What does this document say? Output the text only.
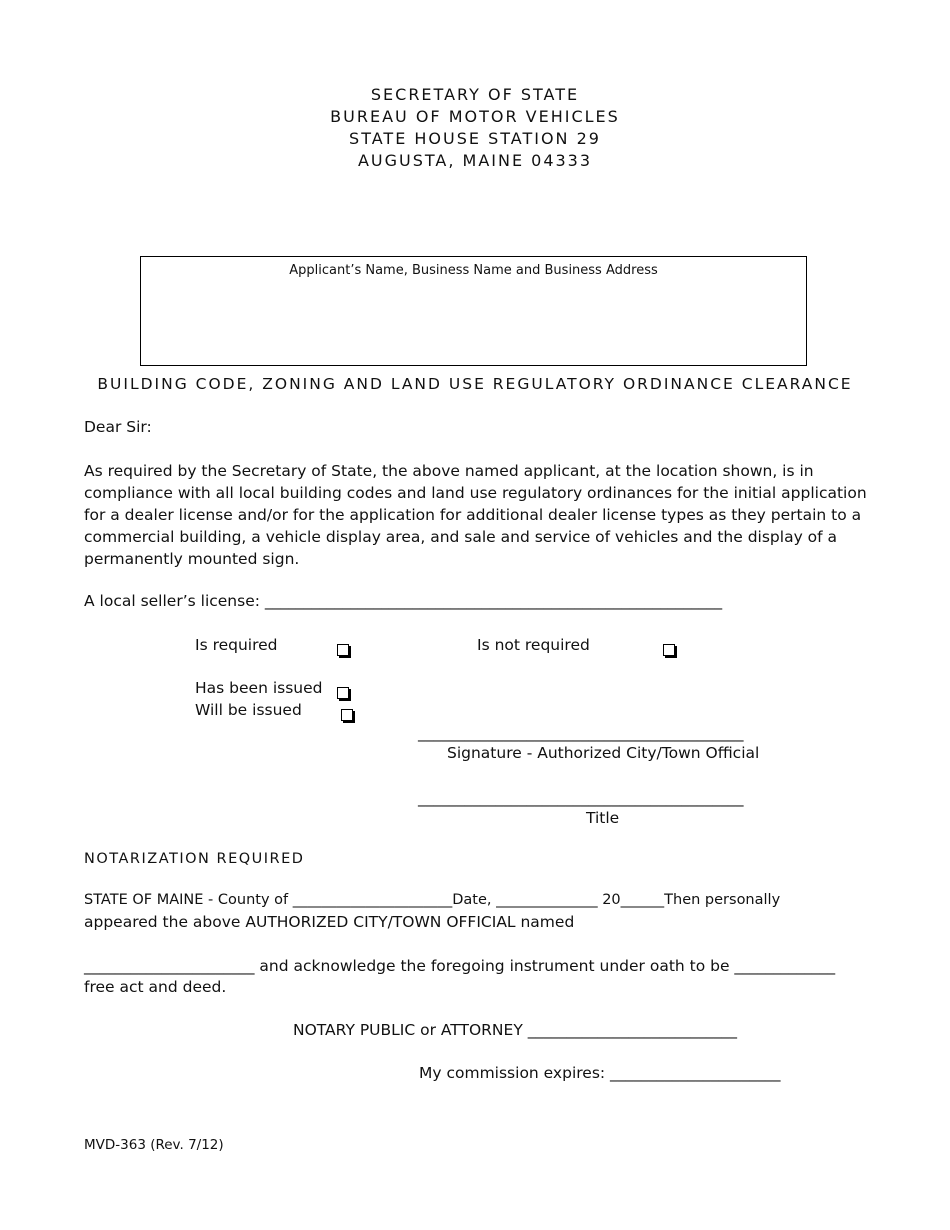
SECRETARY OF STATE
BUREAU OF MOTOR VEHICLES
STATE HOUSE STATION 29
AUGUSTA, MAINE 04333
Applicant’s Name, Business Name and Business Address
BUILDING CODE, ZONING AND LAND USE REGULATORY ORDINANCE CLEARANCE
Dear Sir:
As required by the Secretary of State, the above named applicant, at the location shown, is in compliance with all local building codes and land use regulatory ordinances for the initial application for a dealer license and/or for the application for additional dealer license types as they pertain to a commercial building, a vehicle display area, and sale and service of vehicles and the display of a permanently mounted sign.
A local seller’s license: ___________________________________________________________
Is required	Is not required
Has been issued
Will be issued
__________________________________________
Signature - Authorized City/Town Official
__________________________________________
Title
NOTARIZATION REQUIRED
STATE OF MAINE - County of ______________________Date, ______________ 20______Then personally
appeared the above AUTHORIZED CITY/TOWN OFFICIAL named
______________________ and acknowledge the foregoing instrument under oath to be _____________
free act and deed.
NOTARY PUBLIC or ATTORNEY ___________________________
My commission expires: ______________________
MVD-363 (Rev. 7/12)
